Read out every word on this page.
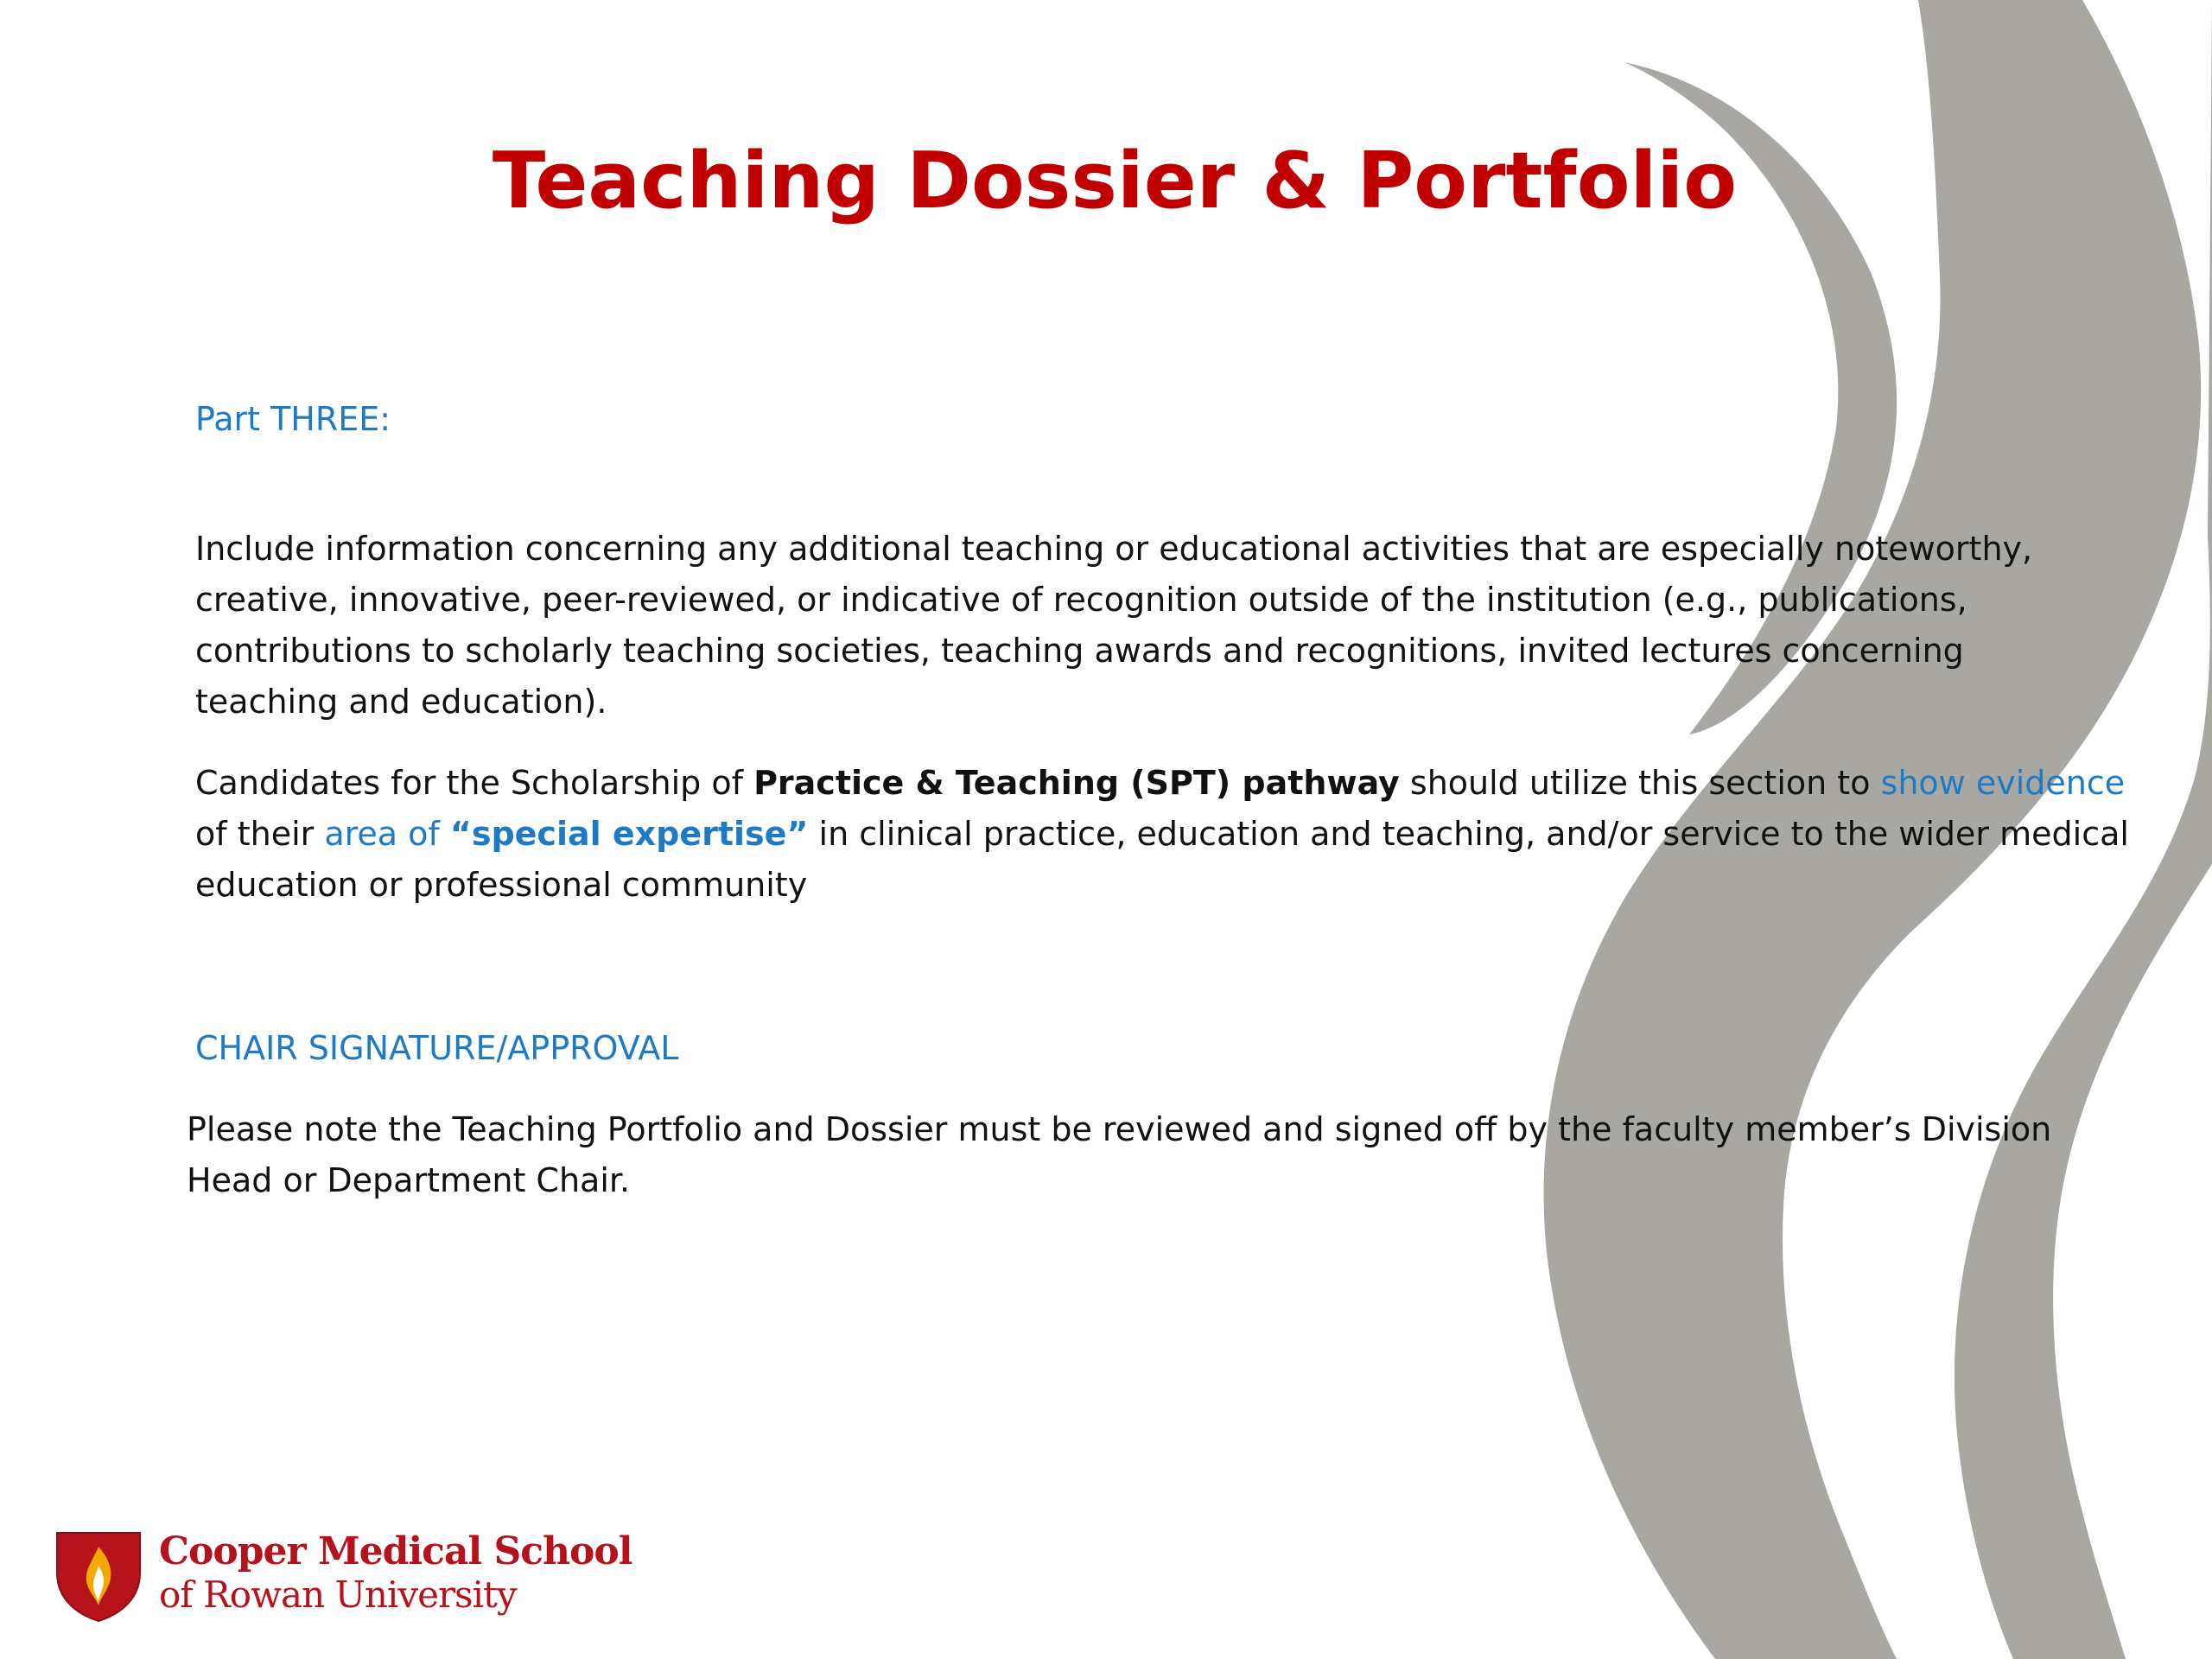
Teaching Dossier & Portfolio
Part THREE:

Include information concerning any additional teaching or educational activities that are especially noteworthy, creative, innovative, peer-reviewed, or indicative of recognition outside of the institution (e.g., publications, contributions to scholarly teaching societies, teaching awards and recognitions, invited lectures concerning teaching and education).

Candidates for the Scholarship of Practice & Teaching (SPT) pathway should utilize this section to show evidence of their area of “special expertise” in clinical practice, education and teaching, and/or service to the wider medical education or professional community

CHAIR SIGNATURE/APPROVAL

Please note the Teaching Portfolio and Dossier must be reviewed and signed off by the faculty member’s Division Head or Department Chair.

Cooper Medical School
of Rowan University
